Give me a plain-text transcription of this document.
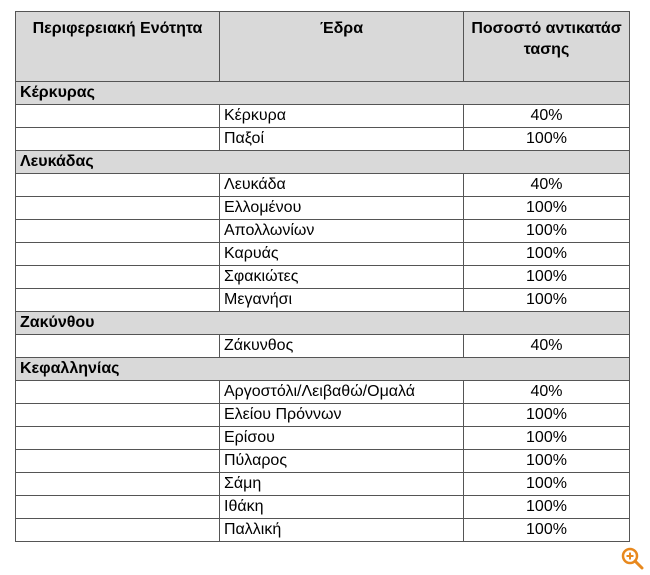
Περιφερειακή Ενότητα	Έδρα	Ποσοστό αντικατάστασης
Κέρκυρας		
	Κέρκυρα	40%
	Παξοί	100%
Λευκάδας		
	Λευκάδα	40%
	Ελλομένου	100%
	Απολλωνίων	100%
	Καρυάς	100%
	Σφακιώτες	100%
	Μεγανήσι	100%
Ζακύνθου		
	Ζάκυνθος	40%
Κεφαλληνίας		
	Αργοστόλι/Λειβαθώ/Ομαλά	40%
	Ελείου Πρόννων	100%
	Ερίσου	100%
	Πύλαρος	100%
	Σάμη	100%
	Ιθάκη	100%
	Παλλική	100%
